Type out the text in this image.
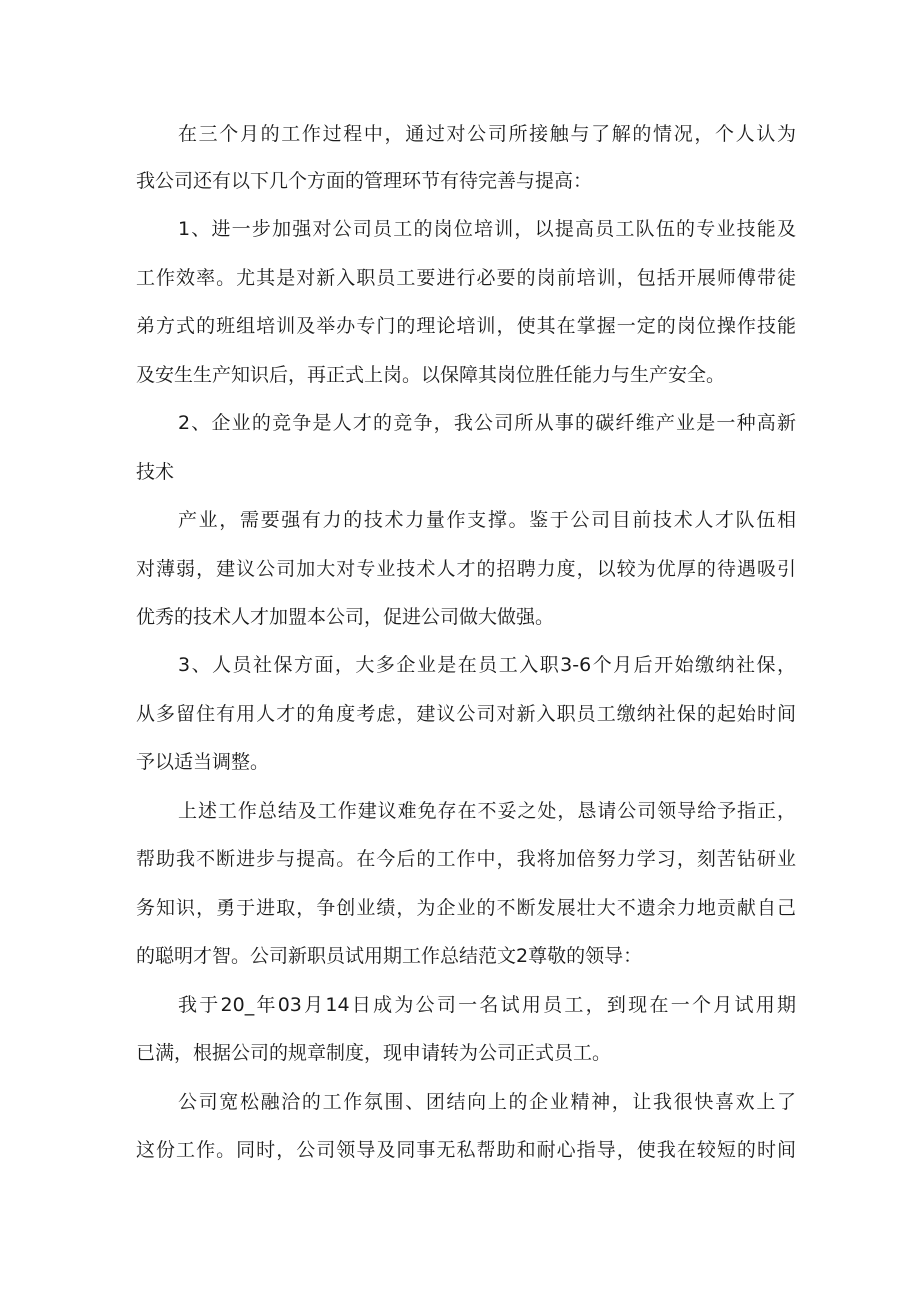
在三个月的工作过程中，通过对公司所接触与了解的情况，个人认为
我公司还有以下几个方面的管理环节有待完善与提高：
1、进一步加强对公司员工的岗位培训，以提高员工队伍的专业技能及
工作效率。尤其是对新入职员工要进行必要的岗前培训，包括开展师傅带徒
弟方式的班组培训及举办专门的理论培训，使其在掌握一定的岗位操作技能
及安生生产知识后，再正式上岗。以保障其岗位胜任能力与生产安全。
2、企业的竞争是人才的竞争，我公司所从事的碳纤维产业是一种高新
技术
产业，需要强有力的技术力量作支撑。鉴于公司目前技术人才队伍相
对薄弱，建议公司加大对专业技术人才的招聘力度，以较为优厚的待遇吸引
优秀的技术人才加盟本公司，促进公司做大做强。
3、人员社保方面，大多企业是在员工入职3-6个月后开始缴纳社保，
从多留住有用人才的角度考虑，建议公司对新入职员工缴纳社保的起始时间
予以适当调整。
上述工作总结及工作建议难免存在不妥之处，恳请公司领导给予指正，
帮助我不断进步与提高。在今后的工作中，我将加倍努力学习，刻苦钻研业
务知识，勇于进取，争创业绩，为企业的不断发展壮大不遗余力地贡献自己
的聪明才智。公司新职员试用期工作总结范文2尊敬的领导：
我于20_年03月14日成为公司一名试用员工，到现在一个月试用期
已满，根据公司的规章制度，现申请转为公司正式员工。
公司宽松融洽的工作氛围、团结向上的企业精神，让我很快喜欢上了
这份工作。同时，公司领导及同事无私帮助和耐心指导，使我在较短的时间
